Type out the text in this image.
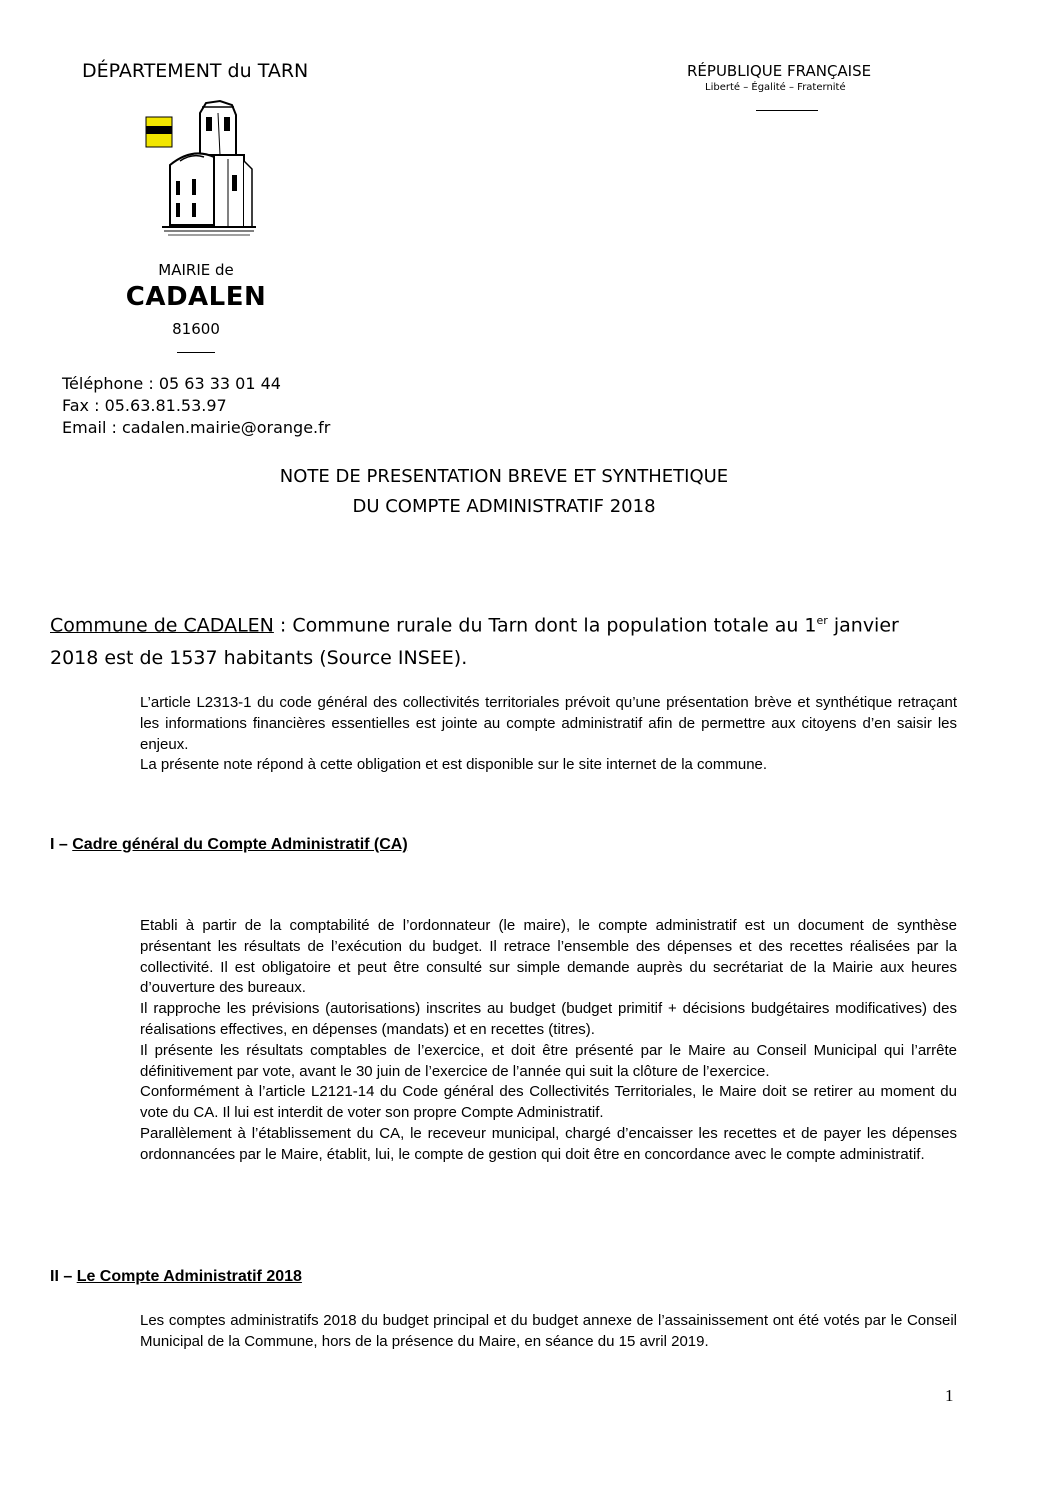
DÉPARTEMENT du TARN	RÉPUBLIQUE FRANÇAISE
Liberté – Égalité – Fraternité
MAIRIE de
CADALEN
81600
Téléphone : 05 63 33 01 44
Fax : 05.63.81.53.97
Email : cadalen.mairie@orange.fr
NOTE DE PRESENTATION BREVE ET SYNTHETIQUE
DU COMPTE ADMINISTRATIF 2018
Commune de CADALEN : Commune rurale du Tarn dont la population totale au 1er janvier
2018 est de 1537 habitants (Source INSEE).

L’article L2313-1 du code général des collectivités territoriales prévoit qu’une présentation brève et synthétique retraçant les informations financières essentielles est jointe au compte administratif afin de permettre aux citoyens d’en saisir les enjeux.

La présente note répond à cette obligation et est disponible sur le site internet de la commune.

I – Cadre général du Compte Administratif (CA)

Etabli à partir de la comptabilité de l’ordonnateur (le maire), le compte administratif est un document de synthèse présentant les résultats de l’exécution du budget. Il retrace l’ensemble des dépenses et des recettes réalisées par la collectivité. Il est obligatoire et peut être consulté sur simple demande auprès du secrétariat de la Mairie aux heures d’ouverture des bureaux.

Il rapproche les prévisions (autorisations) inscrites au budget (budget primitif + décisions budgétaires modificatives) des réalisations effectives, en dépenses (mandats) et en recettes (titres).

Il présente les résultats comptables de l’exercice, et doit être présenté par le Maire au Conseil Municipal qui l’arrête définitivement par vote, avant le 30 juin de l’exercice de l’année qui suit la clôture de l’exercice.

Conformément à l’article L2121-14 du Code général des Collectivités Territoriales, le Maire doit se retirer au moment du vote du CA. Il lui est interdit de voter son propre Compte Administratif.

Parallèlement à l’établissement du CA, le receveur municipal, chargé d’encaisser les recettes et de payer les dépenses ordonnancées par le Maire, établit, lui, le compte de gestion qui doit être en concordance avec le compte administratif.

II – Le Compte Administratif 2018

Les comptes administratifs 2018 du budget principal et du budget annexe de l’assainissement ont été votés par le Conseil Municipal de la Commune, hors de la présence du Maire, en séance du 15 avril 2019.

1
